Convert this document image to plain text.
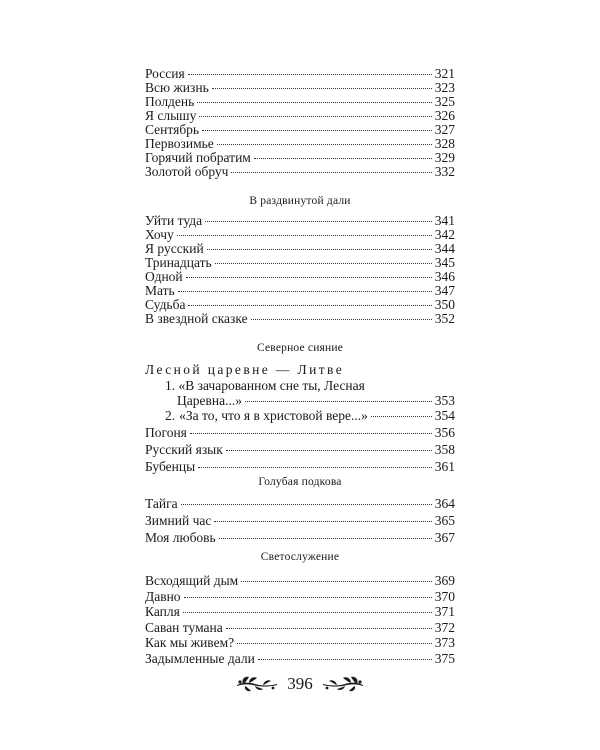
Россия	321
Всю жизнь	323
Полдень	325
Я слышу	326
Сентябрь	327
Первозимье	328
Горячий побратим	329
Золотой обруч	332
В раздвинутой дали
Уйти туда	341
Хочу	342
Я русский	344
Тринадцать	345
Одной	346
Мать	347
Судьба	350
В звездной сказке	352
Северное сияние
Лесной царевне — Литве
1. «В зачарованном сне ты, Лесная
Царевна...»	353
2. «За то, что я в христовой вере...»	354
Погоня	356
Русский язык	358
Бубенцы	361
Голубая подкова
Тайга	364
Зимний час	365
Моя любовь	367
Светослужение
Всходящий дым	369
Давно	370
Капля	371
Саван тумана	372
Как мы живем?	373
Задымленные дали	375
396
